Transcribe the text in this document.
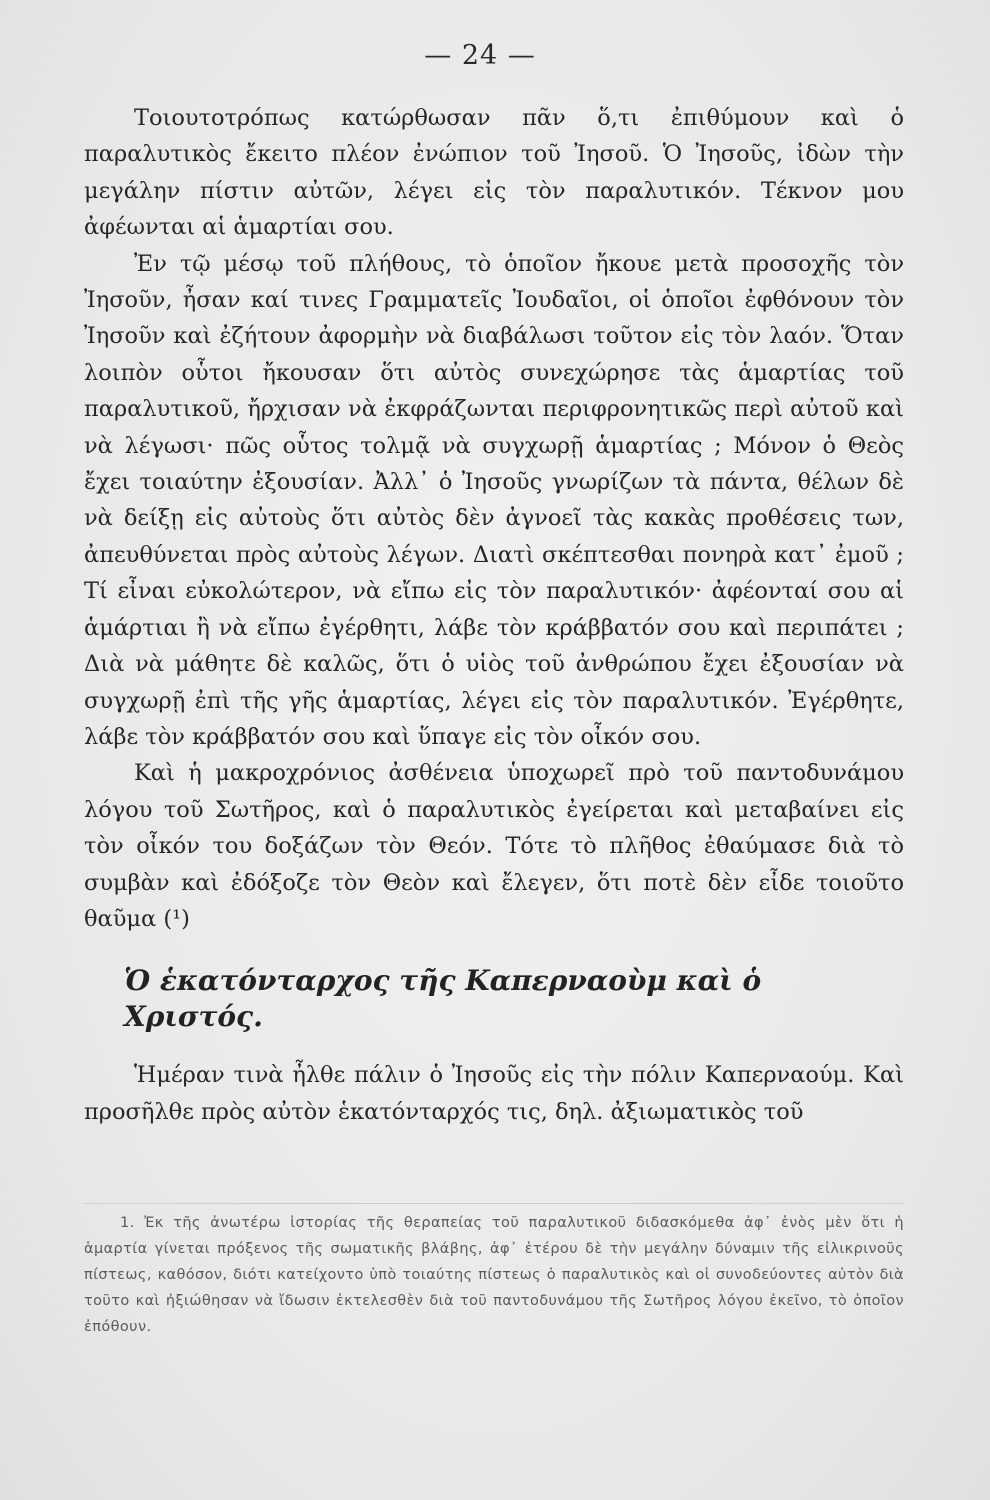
— 24 —

Τοιουτοτρόπως κατώρθωσαν πᾶν ὅ,τι ἐπιθύμουν καὶ ὁ παραλυτικὸς ἔκειτο πλέον ἐνώπιον τοῦ Ἰησοῦ. Ὁ Ἰησοῦς, ἰδὼν τὴν μεγάλην πίστιν αὐτῶν, λέγει εἰς τὸν παραλυτικόν. Τέκνον μου ἀφέωνται αἱ ἁμαρτίαι σου.

Ἐν τῷ μέσῳ τοῦ πλήθους, τὸ ὁποῖον ἤκουε μετὰ προσοχῆς τὸν Ἰησοῦν, ἦσαν καί τινες Γραμματεῖς Ἰουδαῖοι, οἱ ὁποῖοι ἐφθόνουν τὸν Ἰησοῦν καὶ ἐζήτουν ἀφορμὴν νὰ διαβάλωσι τοῦτον εἰς τὸν λαόν. Ὅταν λοιπὸν οὗτοι ἤκουσαν ὅτι αὐτὸς συνεχώρησε τὰς ἁμαρτίας τοῦ παραλυτικοῦ, ἤρχισαν νὰ ἐκφράζωνται περιφρονητικῶς περὶ αὐτοῦ καὶ νὰ λέγωσι· πῶς οὗτος τολμᾷ νὰ συγχωρῇ ἁμαρτίας ; Μόνον ὁ Θεὸς ἔχει τοιαύτην ἐξουσίαν. Ἀλλ᾽ ὁ Ἰησοῦς γνωρίζων τὰ πάντα, θέλων δὲ νὰ δείξῃ εἰς αὐτοὺς ὅτι αὐτὸς δὲν ἀγνοεῖ τὰς κακὰς προθέσεις των, ἀπευθύνεται πρὸς αὐτοὺς λέγων. Διατὶ σκέπτεσθαι πονηρὰ κατ᾽ ἐμοῦ ; Τί εἶναι εὐκολώτερον, νὰ εἴπω εἰς τὸν παραλυτικόν· ἀφέονταί σου αἱ ἁμάρτιαι ἢ νὰ εἴπω ἐγέρθητι, λάβε τὸν κράββατόν σου καὶ περιπάτει ; Διὰ νὰ μάθητε δὲ καλῶς, ὅτι ὁ υἱὸς τοῦ ἀνθρώπου ἔχει ἐξουσίαν νὰ συγχωρῇ ἐπὶ τῆς γῆς ἁμαρτίας, λέγει εἰς τὸν παραλυτικόν. Ἐγέρθητε, λάβε τὸν κράββατόν σου καὶ ὕπαγε εἰς τὸν οἶκόν σου.

Καὶ ἡ μακροχρόνιος ἀσθένεια ὑποχωρεῖ πρὸ τοῦ παντοδυνάμου λόγου τοῦ Σωτῆρος, καὶ ὁ παραλυτικὸς ἐγείρεται καὶ μεταβαίνει εἰς τὸν οἶκόν του δοξάζων τὸν Θεόν. Τότε τὸ πλῆθος ἐθαύμασε διὰ τὸ συμβὰν καὶ ἐδόξοζε τὸν Θεὸν καὶ ἔλεγεν, ὅτι ποτὲ δὲν εἶδε τοιοῦτο θαῦμα (¹)

Ὁ ἑκατόνταρχος τῆς Καπερναοὺμ καὶ ὁ Χριστός.

Ἡμέραν τινὰ ἦλθε πάλιν ὁ Ἰησοῦς εἰς τὴν πόλιν Καπερναούμ. Καὶ προσῆλθε πρὸς αὐτὸν ἑκατόνταρχός τις, δηλ. ἀξιωματικὸς τοῦ

1. Ἐκ τῆς ἀνωτέρω ἱστορίας τῆς θεραπείας τοῦ παραλυτικοῦ διδασκόμεθα ἀφ᾽ ἑνὸς μὲν ὅτι ἡ ἁμαρτία γίνεται πρόξενος τῆς σωματικῆς βλάβης, ἀφ᾽ ἑτέρου δὲ τὴν μεγάλην δύναμιν τῆς εἰλικρινοῦς πίστεως, καθόσον, διότι κατείχοντο ὑπὸ τοιαύτης πίστεως ὁ παραλυτικὸς καὶ οἱ συνοδεύοντες αὐτὸν διὰ τοῦτο καὶ ἠξιώθησαν νὰ ἴδωσιν ἐκτελεσθὲν διὰ τοῦ παντοδυνάμου τῆς Σωτῆρος λόγου ἐκεῖνο, τὸ ὁποῖον ἐπόθουν.
